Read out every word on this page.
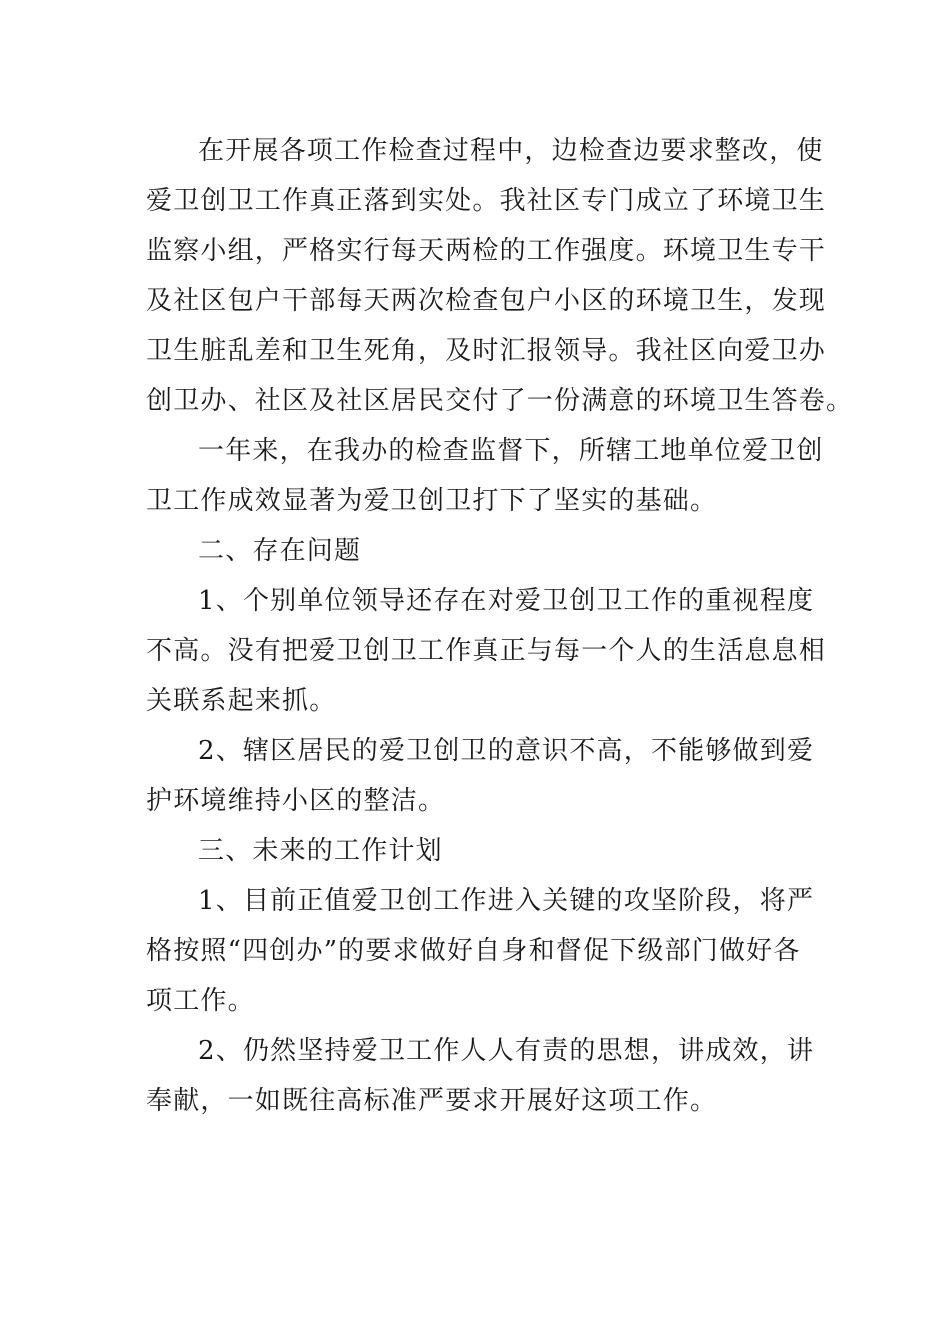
在开展各项工作检查过程中，边检查边要求整改，使
爱卫创卫工作真正落到实处。我社区专门成立了环境卫生
监察小组，严格实行每天两检的工作强度。环境卫生专干
及社区包户干部每天两次检查包户小区的环境卫生，发现
卫生脏乱差和卫生死角，及时汇报领导。我社区向爱卫办
创卫办、社区及社区居民交付了一份满意的环境卫生答卷。
一年来，在我办的检查监督下，所辖工地单位爱卫创
卫工作成效显著为爱卫创卫打下了坚实的基础。
二、存在问题
1、个别单位领导还存在对爱卫创卫工作的重视程度
不高。没有把爱卫创卫工作真正与每一个人的生活息息相
关联系起来抓。
2、辖区居民的爱卫创卫的意识不高，不能够做到爱
护环境维持小区的整洁。
三、未来的工作计划
1、目前正值爱卫创工作进入关键的攻坚阶段，将严
格按照“四创办”的要求做好自身和督促下级部门做好各
项工作。
2、仍然坚持爱卫工作人人有责的思想，讲成效，讲
奉献，一如既往高标准严要求开展好这项工作。
